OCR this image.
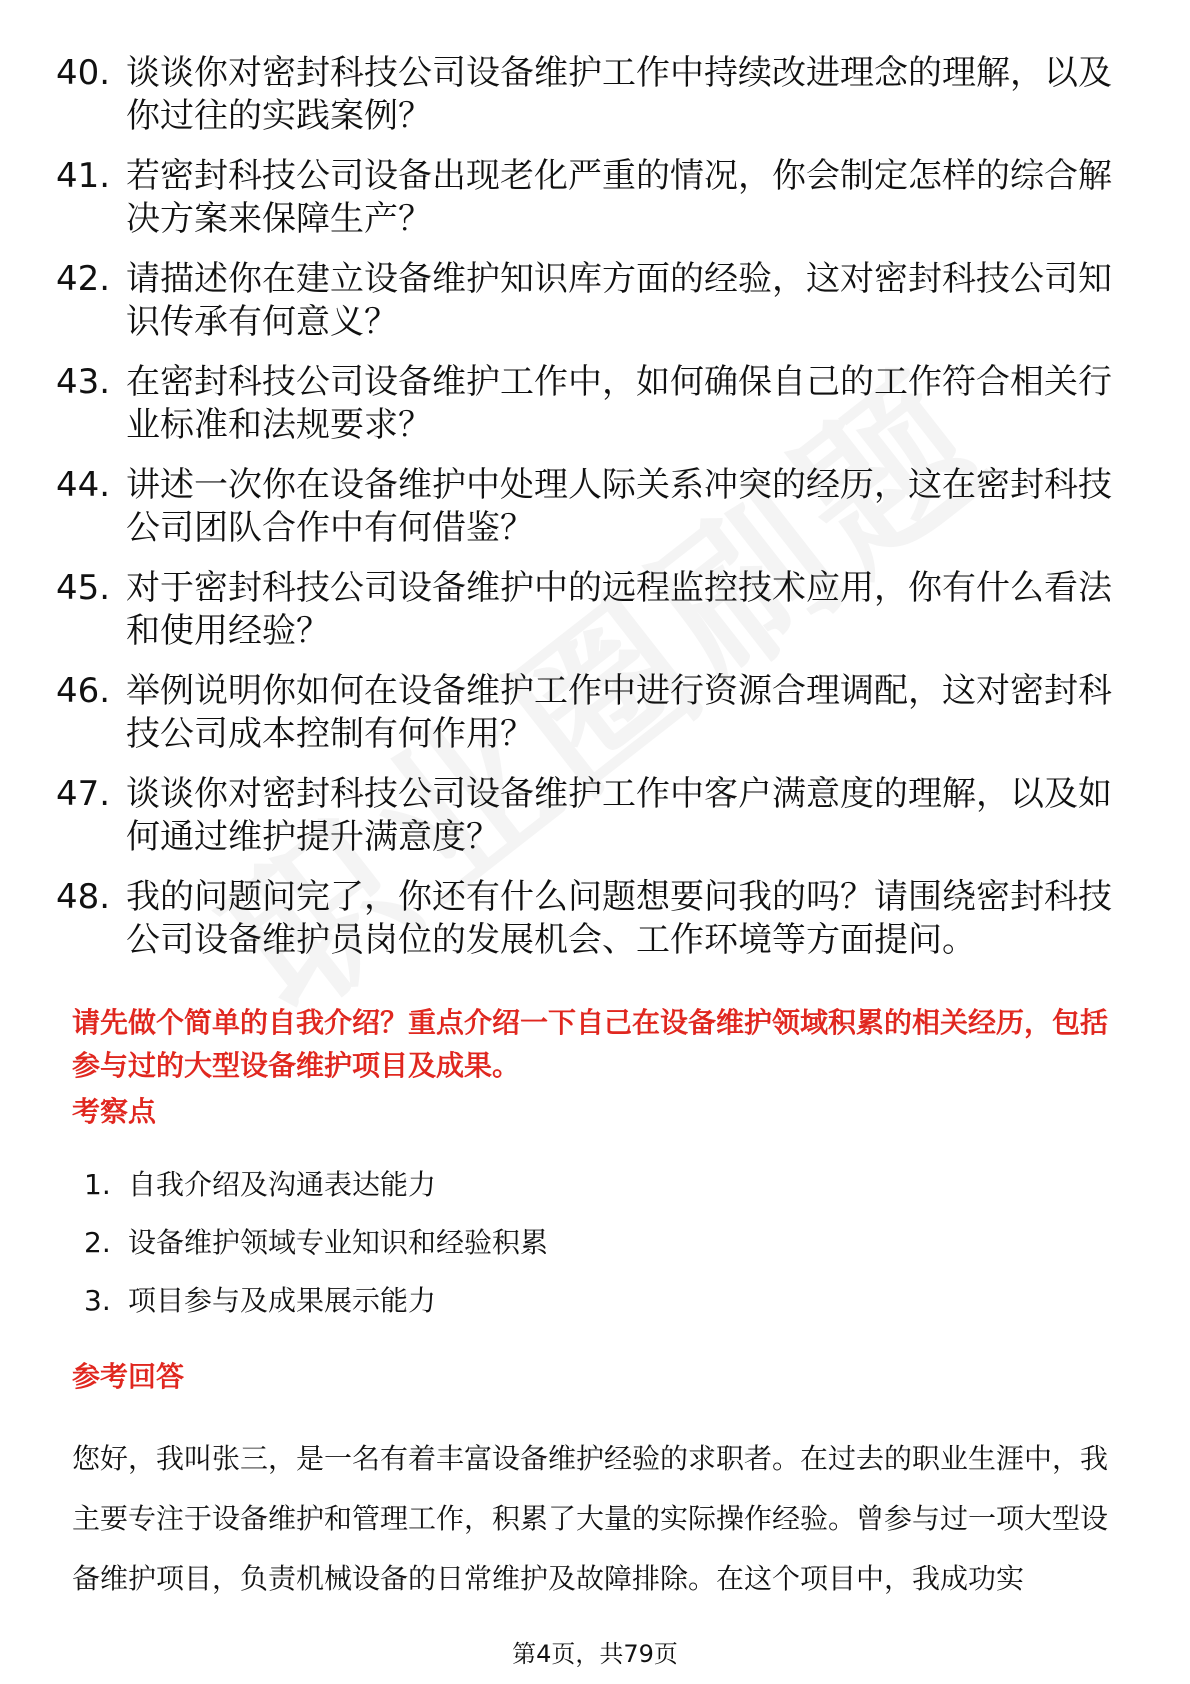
40. 谈谈你对密封科技公司设备维护工作中持续改进理念的理解，以及你过往的实践案例？
41. 若密封科技公司设备出现老化严重的情况，你会制定怎样的综合解决方案来保障生产？
42. 请描述你在建立设备维护知识库方面的经验，这对密封科技公司知识传承有何意义？
43. 在密封科技公司设备维护工作中，如何确保自己的工作符合相关行业标准和法规要求？
44. 讲述一次你在设备维护中处理人际关系冲突的经历，这在密封科技公司团队合作中有何借鉴？
45. 对于密封科技公司设备维护中的远程监控技术应用，你有什么看法和使用经验？
46. 举例说明你如何在设备维护工作中进行资源合理调配，这对密封科技公司成本控制有何作用？
47. 谈谈你对密封科技公司设备维护工作中客户满意度的理解，以及如何通过维护提升满意度？
48. 我的问题问完了，你还有什么问题想要问我的吗？请围绕密封科技公司设备维护员岗位的发展机会、工作环境等方面提问。

请先做个简单的自我介绍？重点介绍一下自己在设备维护领域积累的相关经历，包括参与过的大型设备维护项目及成果。

考察点
1. 自我介绍及沟通表达能力
2. 设备维护领域专业知识和经验积累
3. 项目参与及成果展示能力
参考回答

您好，我叫张三，是一名有着丰富设备维护经验的求职者。在过去的职业生涯中，我主要专注于设备维护和管理工作，积累了大量的实际操作经验。曾参与过一项大型设备维护项目，负责机械设备的日常维护及故障排除。在这个项目中，我成功实

第4页，共79页
